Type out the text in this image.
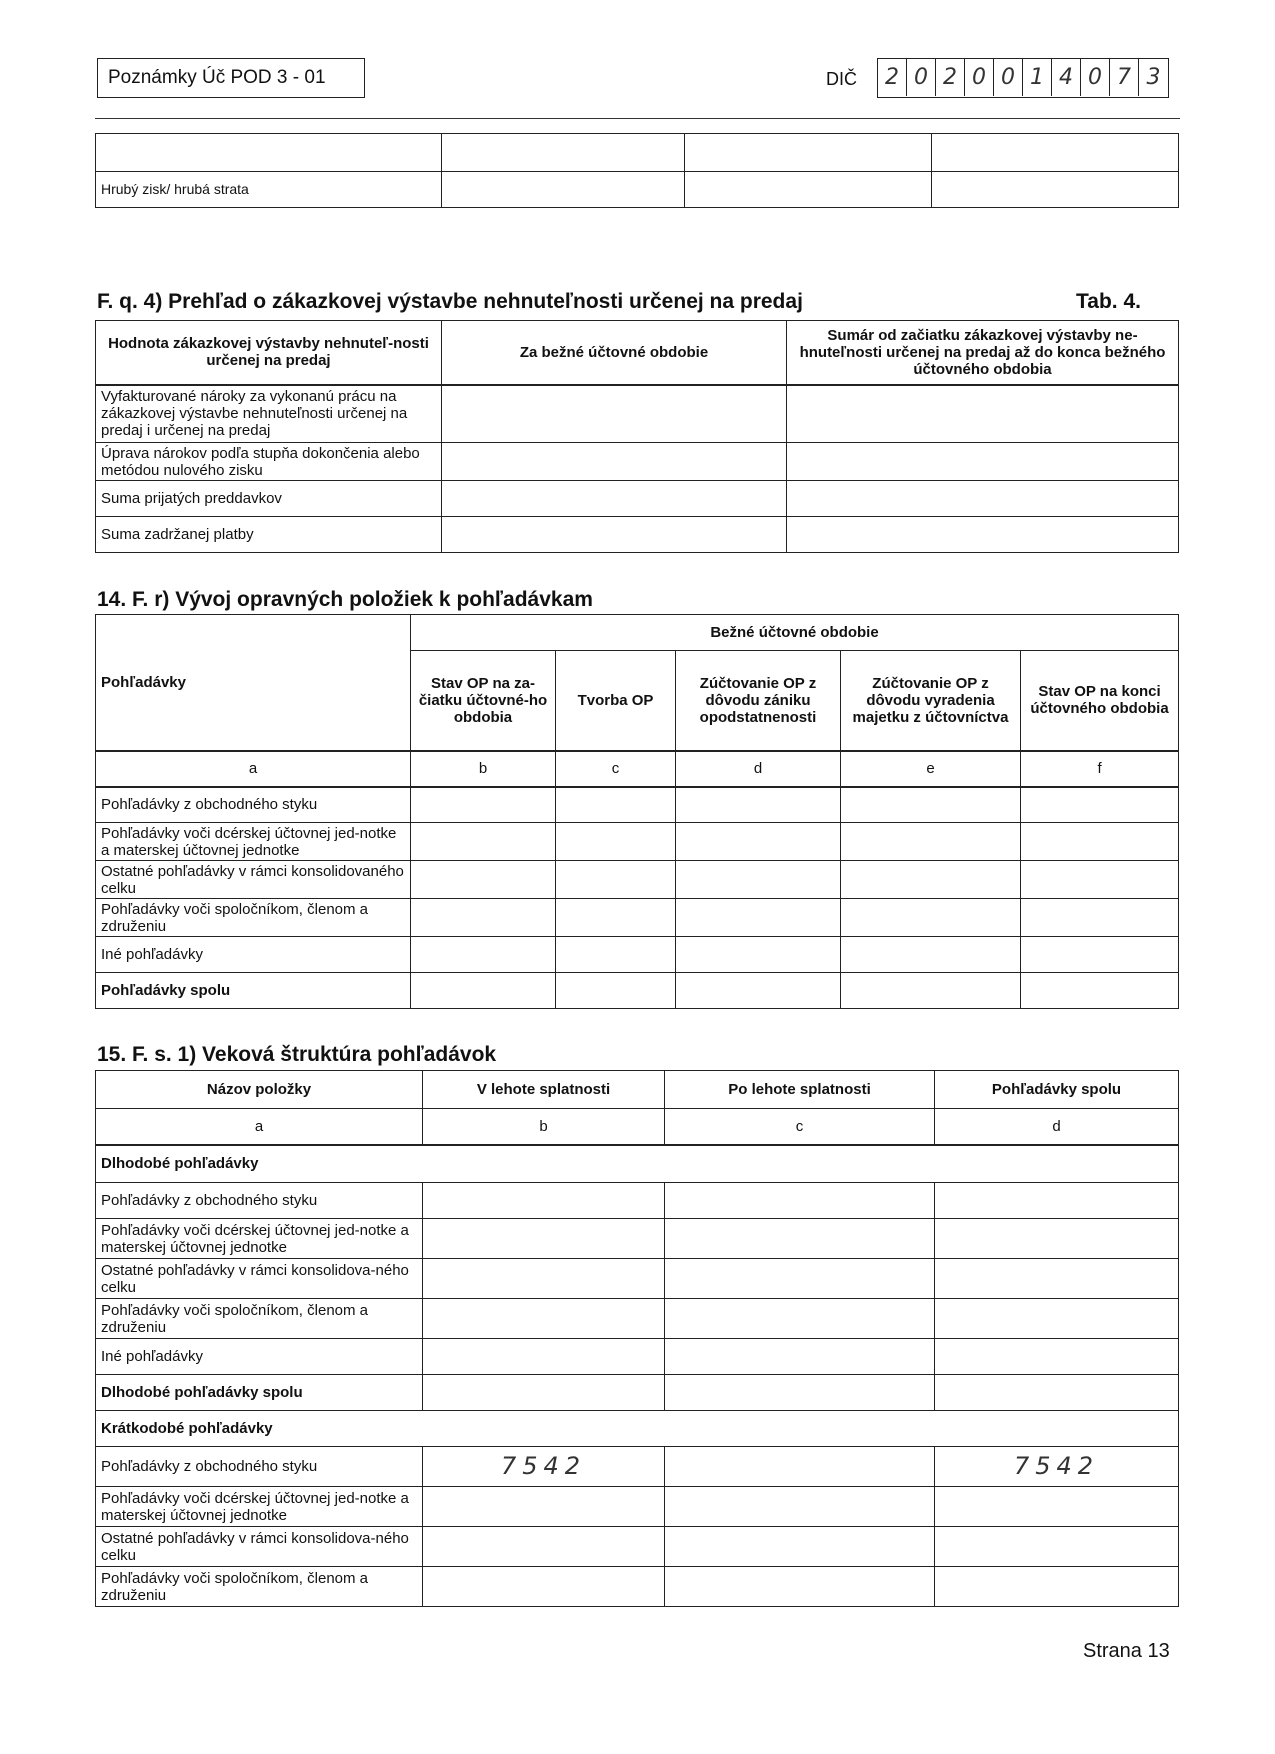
Poznámky Úč POD 3 - 01	DIČ	2 0 2 0 0 1 4 0 7 3

Hrubý zisk/ hrubá strata			
F. q. 4) Prehľad o zákazkovej výstavbe nehnuteľnosti určenej na predaj	Tab. 4.
Hodnota zákazkovej výstavby nehnuteľ-nosti určenej na predaj	Za bežné účtovné obdobie	Sumár od začiatku zákazkovej výstavby ne-hnuteľnosti určenej na predaj až do konca bežného účtovného obdobia
Vyfakturované nároky za vykonanú prácu na zákazkovej výstavbe nehnuteľnosti určenej na predaj i určenej na predaj		
Úprava nárokov podľa stupňa dokončenia alebo metódou nulového zisku		
Suma prijatých preddavkov		
Suma zadržanej platby		
14. F. r) Vývoj opravných položiek k pohľadávkam
Pohľadávky	Bežné účtovné obdobie				
	Stav OP na za-čiatku účtovné-ho obdobia	Tvorba OP	Zúčtovanie OP z dôvodu zániku opodstatnenosti	Zúčtovanie OP z dôvodu vyradenia majetku z účtovníctva	Stav OP na konci účtovného obdobia
a	b	c	d	e	f
Pohľadávky z obchodného styku					
Pohľadávky voči dcérskej účtovnej jed-notke a materskej účtovnej jednotke					
Ostatné pohľadávky v rámci konsolidovaného celku					
Pohľadávky voči spoločníkom, členom a združeniu					
Iné pohľadávky					
Pohľadávky spolu					
15. F. s. 1) Veková štruktúra pohľadávok
Názov položky	V lehote splatnosti	Po lehote splatnosti	Pohľadávky spolu
a	b	c	d
Dlhodobé pohľadávky			
Pohľadávky z obchodného styku			
Pohľadávky voči dcérskej účtovnej jed-notke a materskej účtovnej jednotke			
Ostatné pohľadávky v rámci konsolidova-ného celku			
Pohľadávky voči spoločníkom, členom a združeniu			
Iné pohľadávky			
Dlhodobé pohľadávky spolu			
Krátkodobé pohľadávky			
Pohľadávky z obchodného styku	7542		7542
Pohľadávky voči dcérskej účtovnej jed-notke a materskej účtovnej jednotke			
Ostatné pohľadávky v rámci konsolidova-ného celku			
Pohľadávky voči spoločníkom, členom a združeniu			
Strana 13
